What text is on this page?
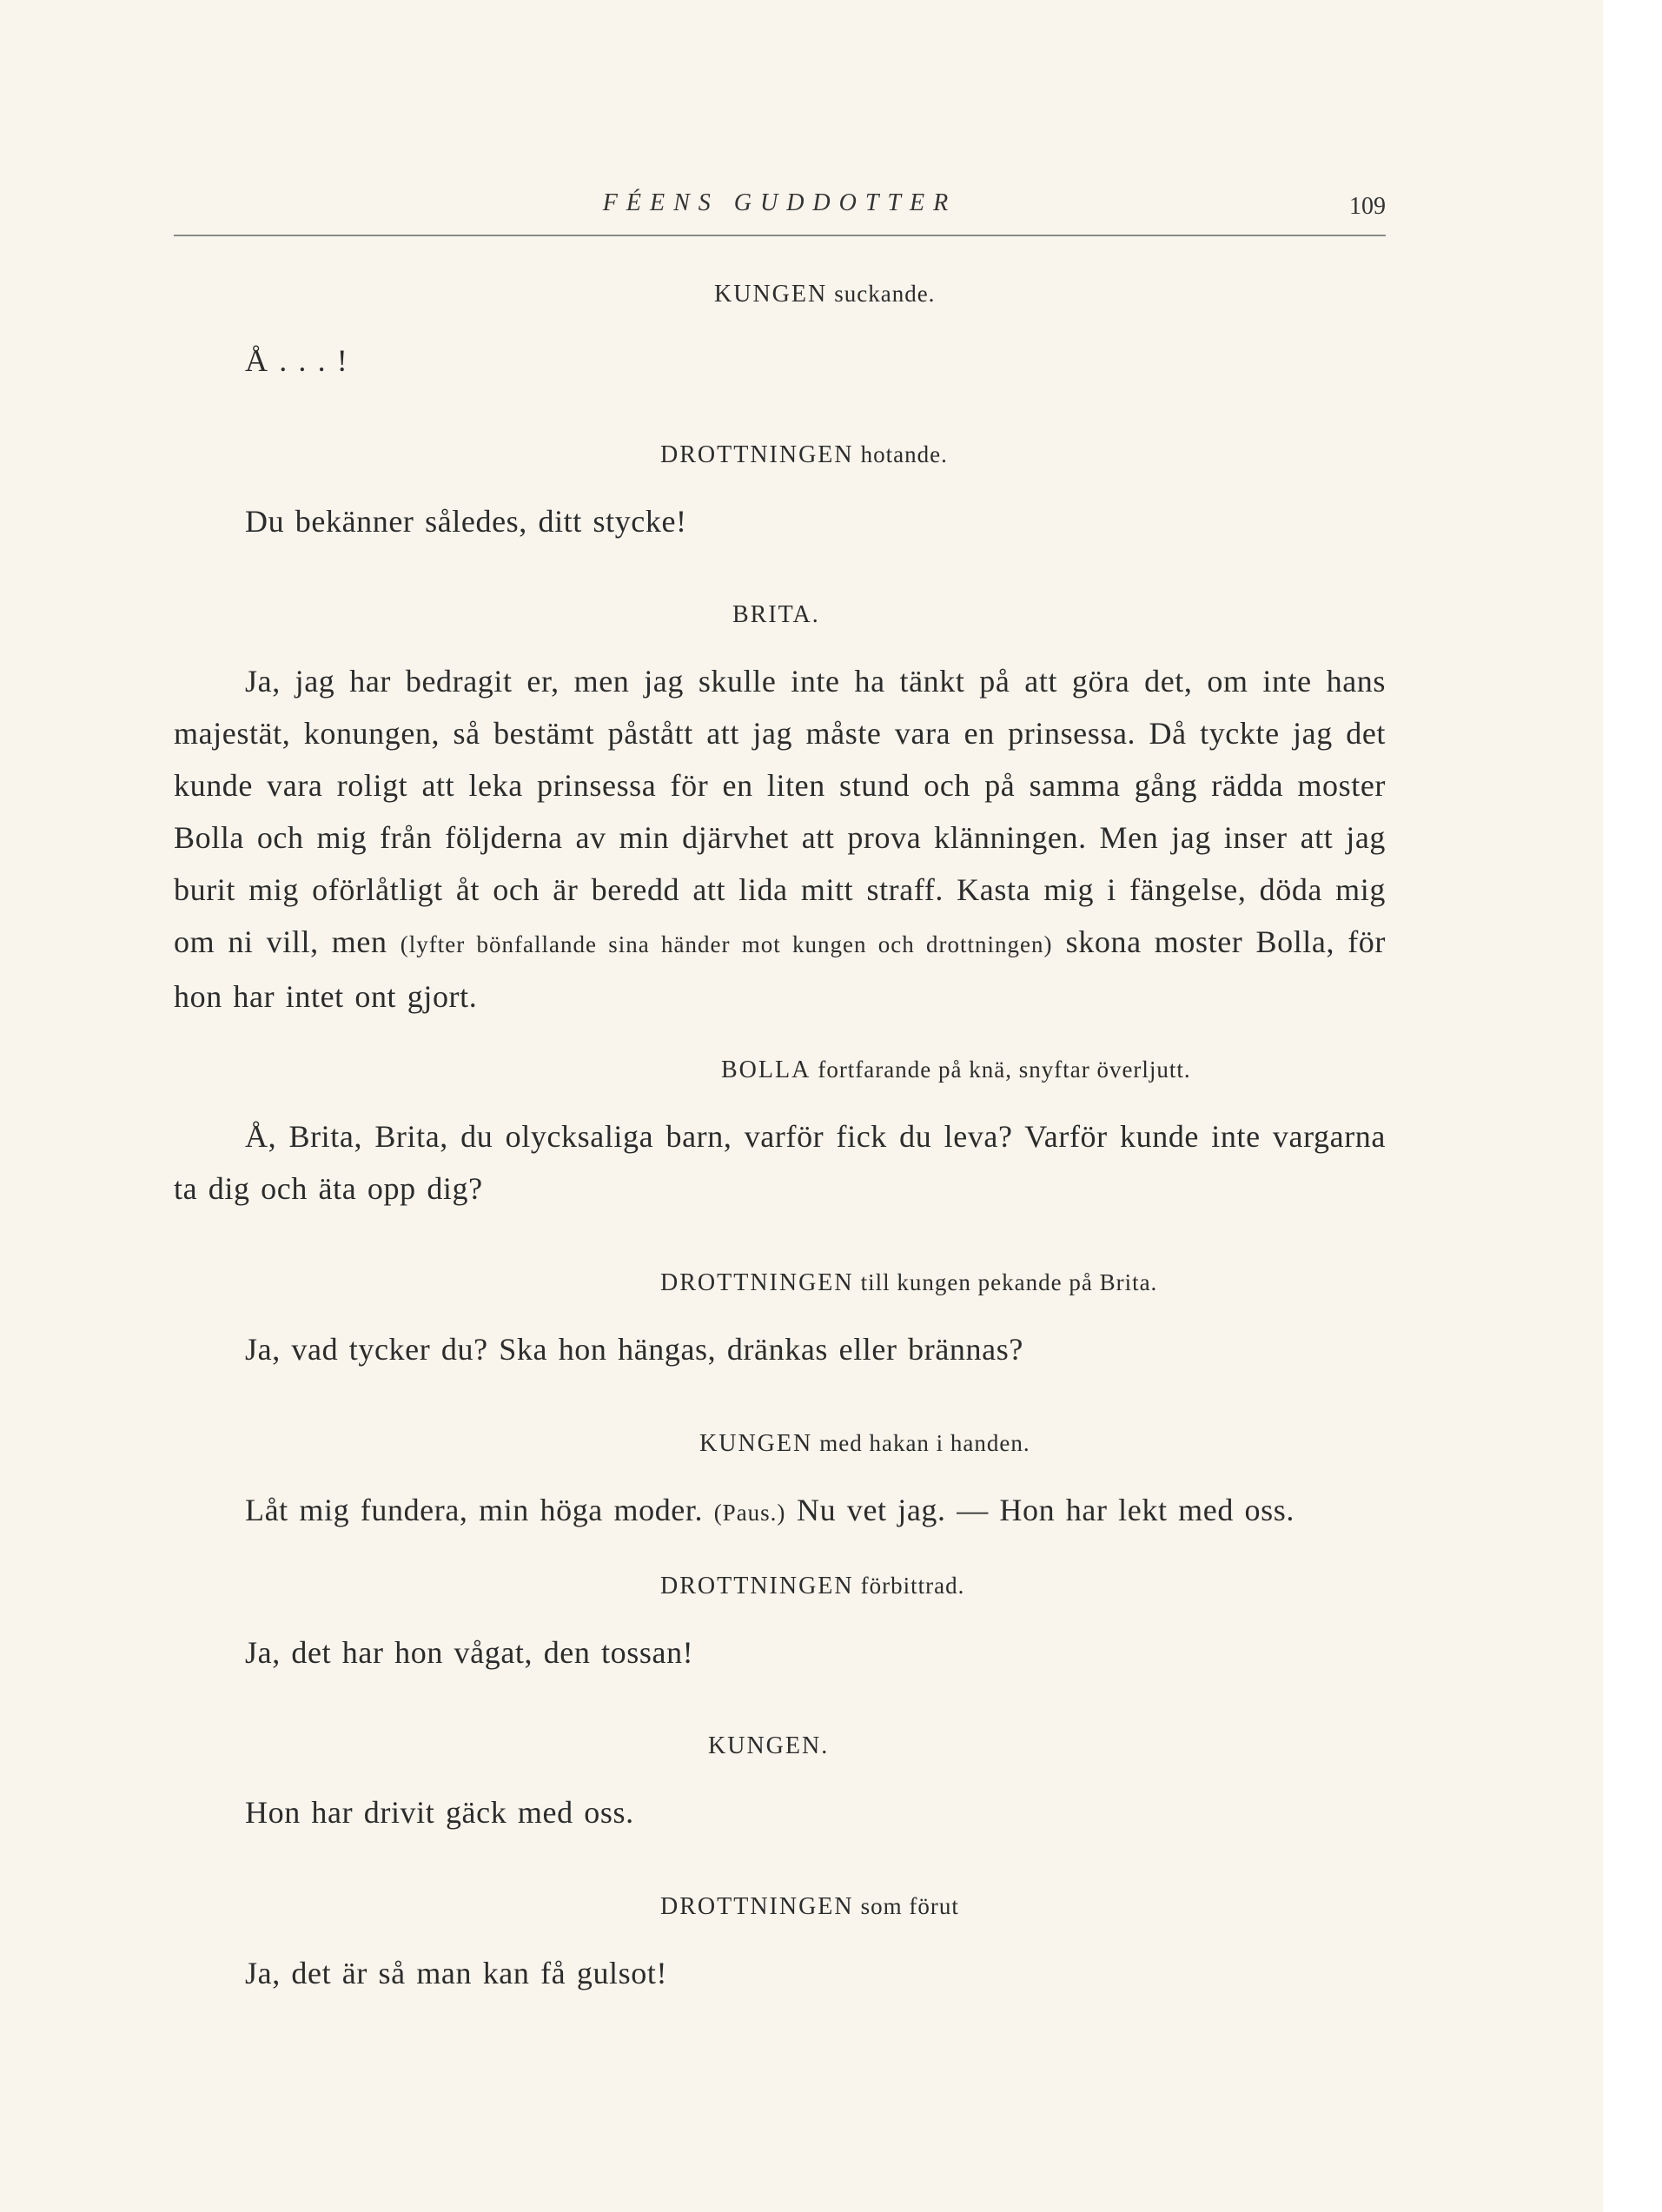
FÉENS GUDDOTTER	109
KUNGEN suckande.

Å . . . !

DROTTNINGEN hotande.

Du bekänner således, ditt stycke!

BRITA.

Ja, jag har bedragit er, men jag skulle inte ha tänkt på att göra det, om inte hans majestät, konungen, så bestämt påstått att jag måste vara en prinsessa. Då tyckte jag det kunde vara roligt att leka prinsessa för en liten stund och på samma gång rädda moster Bolla och mig från följderna av min djärvhet att prova klänningen. Men jag inser att jag burit mig oförlåtligt åt och är beredd att lida mitt straff. Kasta mig i fängelse, döda mig om ni vill, men (lyfter bönfallande sina händer mot kungen och drottningen) skona moster Bolla, för hon har intet ont gjort.

BOLLA fortfarande på knä, snyftar överljutt.

Å, Brita, Brita, du olycksaliga barn, varför fick du leva? Varför kunde inte vargarna ta dig och äta opp dig?

DROTTNINGEN till kungen pekande på Brita.

Ja, vad tycker du? Ska hon hängas, dränkas eller brännas?

KUNGEN med hakan i handen.

Låt mig fundera, min höga moder. (Paus.) Nu vet jag. — Hon har lekt med oss.

DROTTNINGEN förbittrad.

Ja, det har hon vågat, den tossan!

KUNGEN.

Hon har drivit gäck med oss.

DROTTNINGEN som förut

Ja, det är så man kan få gulsot!
